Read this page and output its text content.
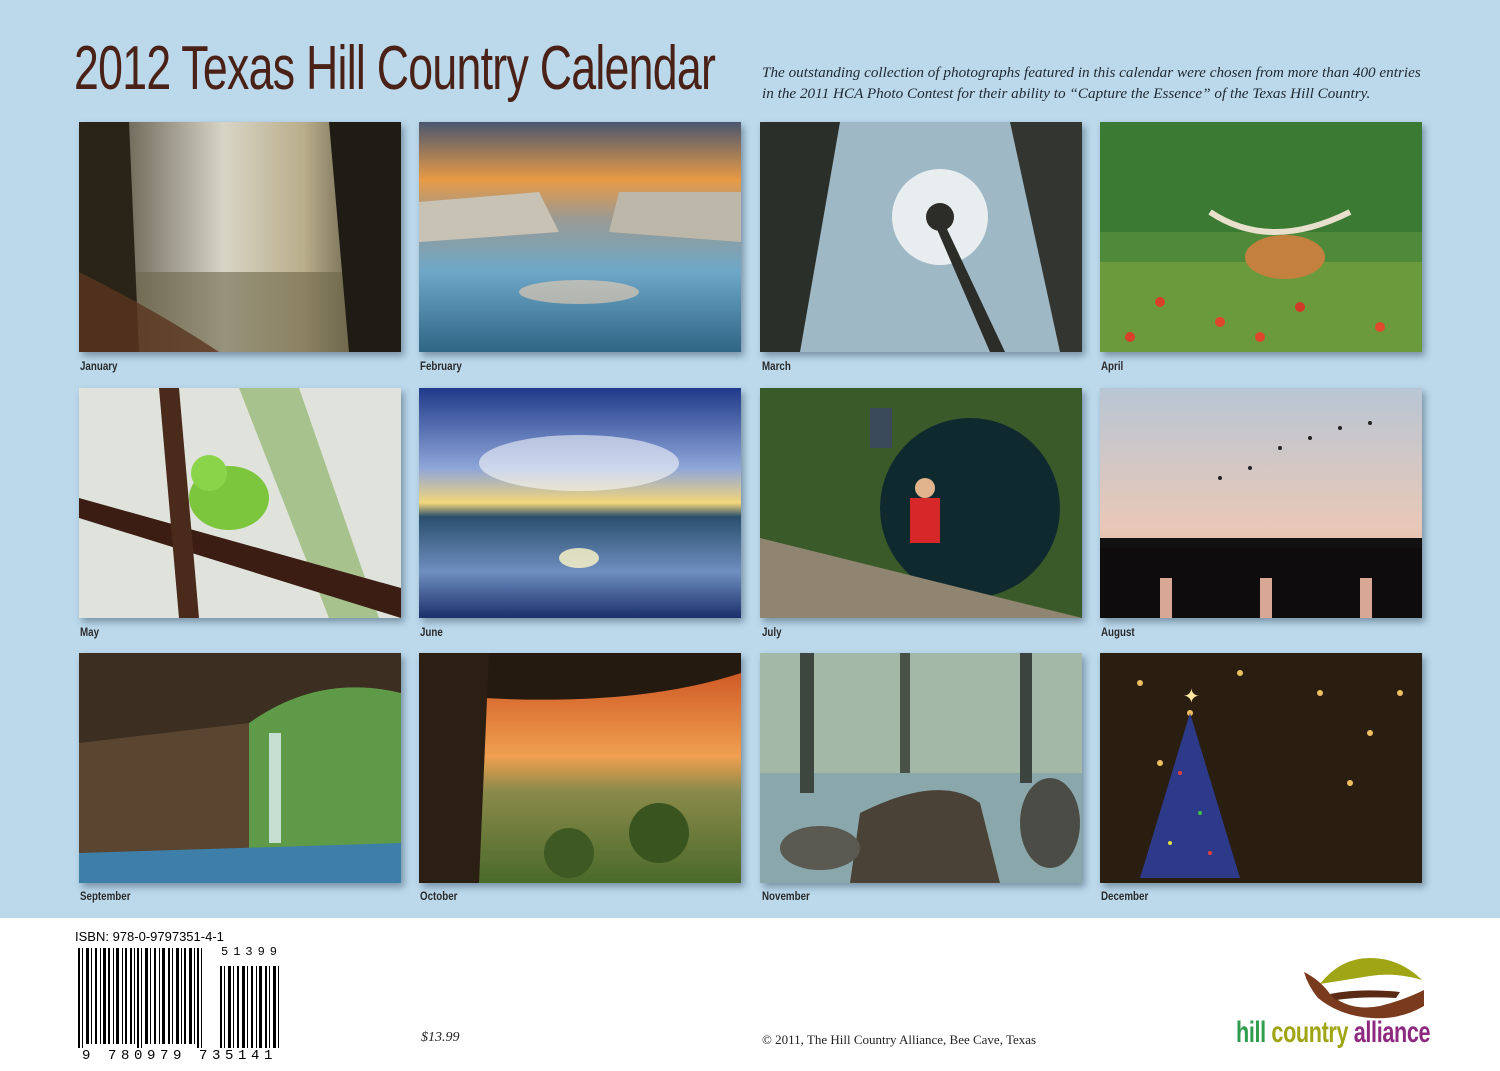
2012 Texas Hill Country Calendar	The outstanding collection of photographs featured in this calendar were chosen from more than 400 entries
in the 2011 HCA Photo Contest for their ability to “Capture the Essence” of the Texas Hill Country.

January	February	March	April
May	June	July	August
September	October	November
✦
December
ISBN: 978-0-9797351-4-1
51399
9 780979 735141
$13.99	© 2011, The Hill Country Alliance, Bee Cave, Texas	hill country alliance
